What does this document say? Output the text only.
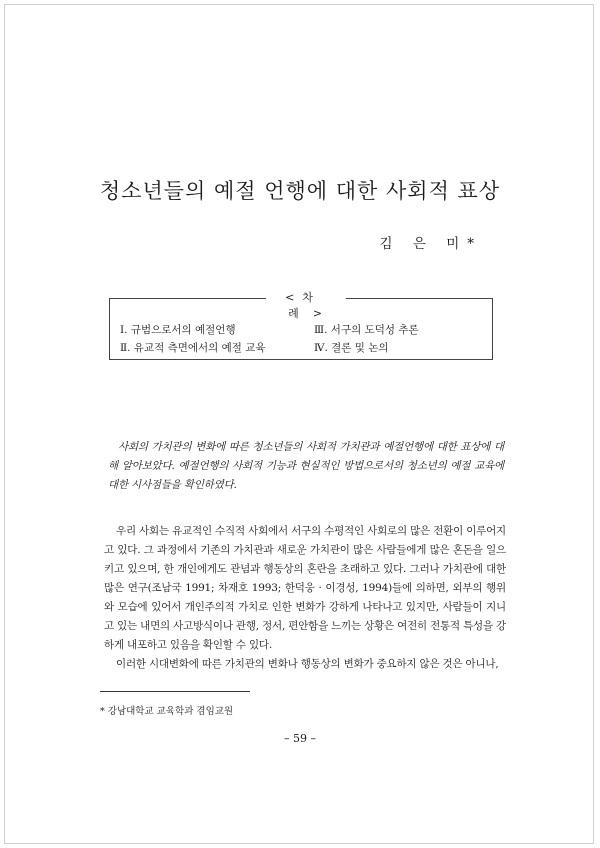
청소년들의 예절 언행에 대한 사회적 표상
김 은 미*
< 차 례>
Ⅰ. 규범으로서의 예절언행
Ⅱ. 유교적 측면에서의 예절 교육
Ⅲ. 서구의 도덕성 추론
Ⅳ. 결론 및 논의
사회의 가치관의 변화에 따른 청소년들의 사회적 가치관과 예절언행에 대한 표상에 대해 알아보았다. 예절언행의 사회적 기능과 현실적인 방법으로서의 청소년의 예절 교육에 대한 시사점들을 확인하였다.

우리 사회는 유교적인 수직적 사회에서 서구의 수평적인 사회로의 많은 전환이 이루어지고 있다. 그 과정에서 기존의 가치관과 새로운 가치관이 많은 사람들에게 많은 혼돈을 일으키고 있으며, 한 개인에게도 관념과 행동상의 혼란을 초래하고 있다. 그러나 가치관에 대한 많은 연구(조남국 1991; 차재호 1993; 한덕웅 · 이경성, 1994)들에 의하면, 외부의 행위와 모습에 있어서 개인주의적 가치로 인한 변화가 강하게 나타나고 있지만, 사람들이 지니고 있는 내면의 사고방식이나 관행, 정서, 편안함을 느끼는 상황은 여전히 전통적 특성을 강하게 내포하고 있음을 확인할 수 있다.

이러한 시대변화에 따른 가치관의 변화나 행동상의 변화가 중요하지 않은 것은 아니나,

* 강남대학교 교육학과 겸임교원
– 59 –
